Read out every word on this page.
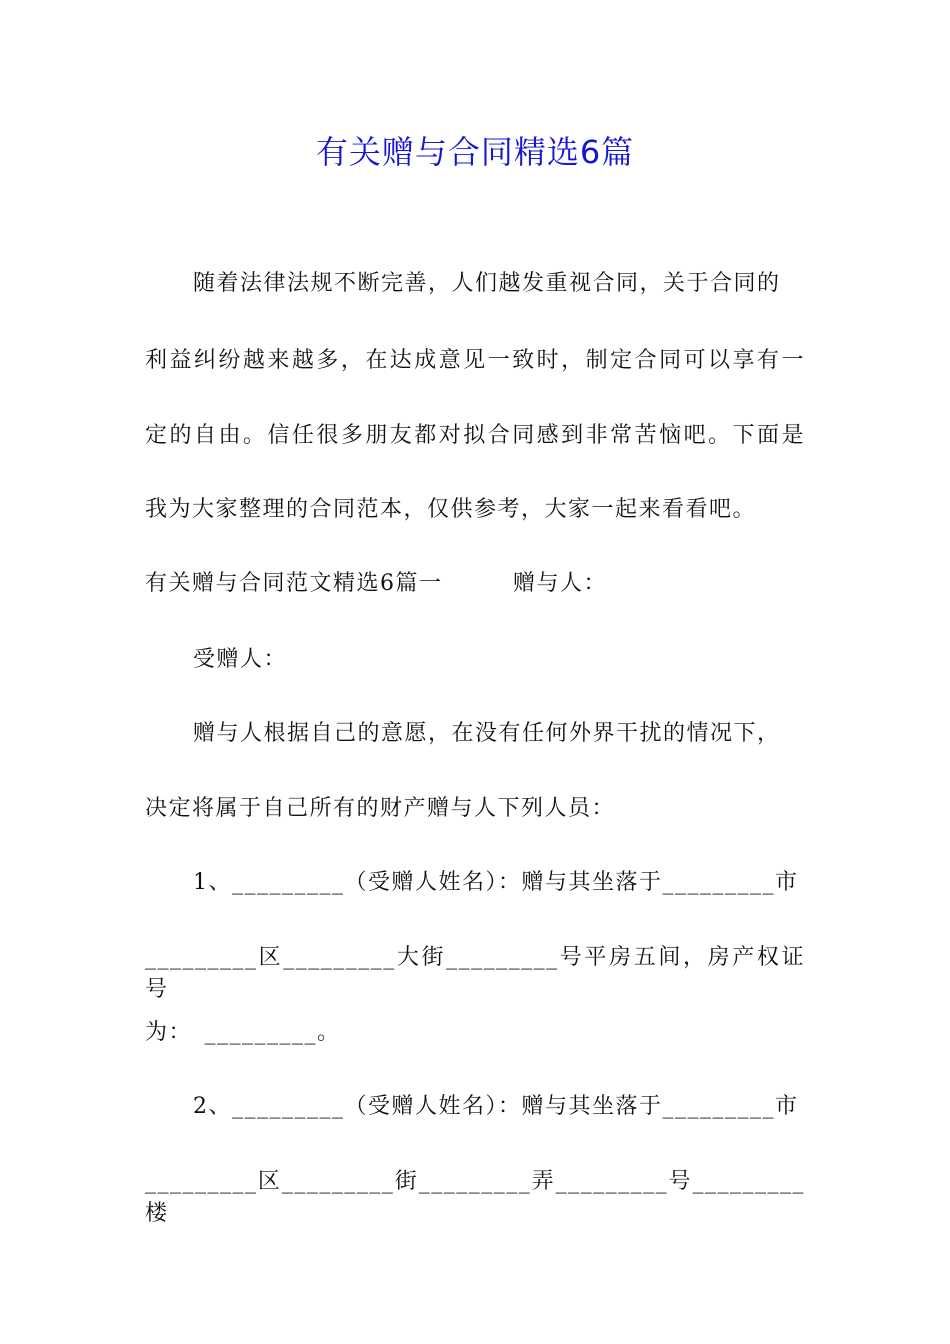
有关赠与合同精选6篇
随着法律法规不断完善，人们越发重视合同，关于合同的
利益纠纷越来越多，在达成意见一致时，制定合同可以享有一
定的自由。信任很多朋友都对拟合同感到非常苦恼吧。下面是
我为大家整理的合同范本，仅供参考，大家一起来看看吧。
有关赠与合同范文精选6篇一　　　赠与人：
受赠人：
赠与人根据自己的意愿，在没有任何外界干扰的情况下，
决定将属于自己所有的财产赠与人下列人员：
1、_________（受赠人姓名）：赠与其坐落于_________市
_________区_________大街_________号平房五间，房产权证号
为：　_________。
2、_________（受赠人姓名）：赠与其坐落于_________市
_________区_________街_________弄_________号_________楼
